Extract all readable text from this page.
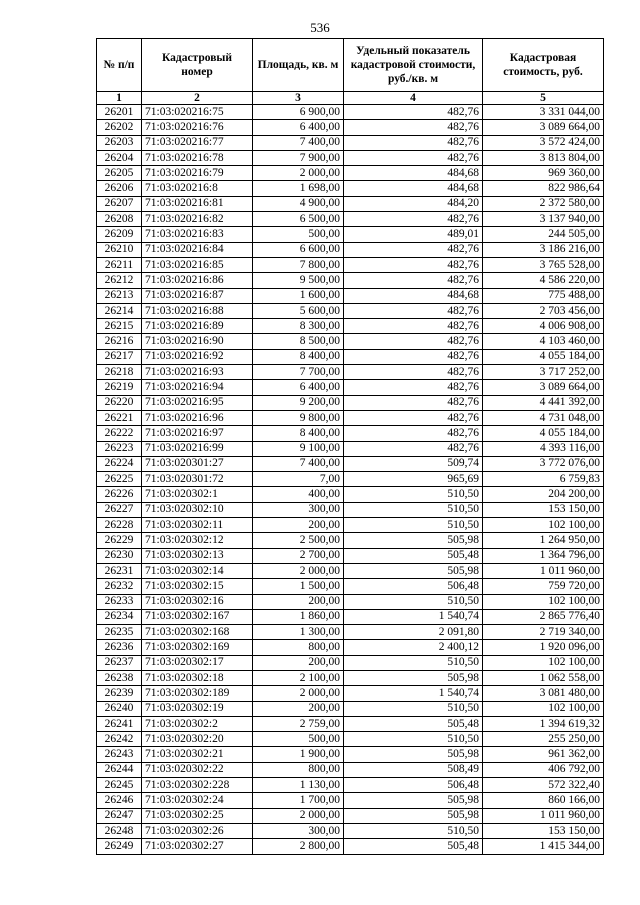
536
№ п/п	Кадастровый номер	Площадь, кв. м	Удельный показатель кадастровой стоимости, руб./кв. м	Кадастровая стоимость, руб.
1	2	3	4	5
26201	71:03:020216:75	6 900,00	482,76	3 331 044,00
26202	71:03:020216:76	6 400,00	482,76	3 089 664,00
26203	71:03:020216:77	7 400,00	482,76	3 572 424,00
26204	71:03:020216:78	7 900,00	482,76	3 813 804,00
26205	71:03:020216:79	2 000,00	484,68	969 360,00
26206	71:03:020216:8	1 698,00	484,68	822 986,64
26207	71:03:020216:81	4 900,00	484,20	2 372 580,00
26208	71:03:020216:82	6 500,00	482,76	3 137 940,00
26209	71:03:020216:83	500,00	489,01	244 505,00
26210	71:03:020216:84	6 600,00	482,76	3 186 216,00
26211	71:03:020216:85	7 800,00	482,76	3 765 528,00
26212	71:03:020216:86	9 500,00	482,76	4 586 220,00
26213	71:03:020216:87	1 600,00	484,68	775 488,00
26214	71:03:020216:88	5 600,00	482,76	2 703 456,00
26215	71:03:020216:89	8 300,00	482,76	4 006 908,00
26216	71:03:020216:90	8 500,00	482,76	4 103 460,00
26217	71:03:020216:92	8 400,00	482,76	4 055 184,00
26218	71:03:020216:93	7 700,00	482,76	3 717 252,00
26219	71:03:020216:94	6 400,00	482,76	3 089 664,00
26220	71:03:020216:95	9 200,00	482,76	4 441 392,00
26221	71:03:020216:96	9 800,00	482,76	4 731 048,00
26222	71:03:020216:97	8 400,00	482,76	4 055 184,00
26223	71:03:020216:99	9 100,00	482,76	4 393 116,00
26224	71:03:020301:27	7 400,00	509,74	3 772 076,00
26225	71:03:020301:72	7,00	965,69	6 759,83
26226	71:03:020302:1	400,00	510,50	204 200,00
26227	71:03:020302:10	300,00	510,50	153 150,00
26228	71:03:020302:11	200,00	510,50	102 100,00
26229	71:03:020302:12	2 500,00	505,98	1 264 950,00
26230	71:03:020302:13	2 700,00	505,48	1 364 796,00
26231	71:03:020302:14	2 000,00	505,98	1 011 960,00
26232	71:03:020302:15	1 500,00	506,48	759 720,00
26233	71:03:020302:16	200,00	510,50	102 100,00
26234	71:03:020302:167	1 860,00	1 540,74	2 865 776,40
26235	71:03:020302:168	1 300,00	2 091,80	2 719 340,00
26236	71:03:020302:169	800,00	2 400,12	1 920 096,00
26237	71:03:020302:17	200,00	510,50	102 100,00
26238	71:03:020302:18	2 100,00	505,98	1 062 558,00
26239	71:03:020302:189	2 000,00	1 540,74	3 081 480,00
26240	71:03:020302:19	200,00	510,50	102 100,00
26241	71:03:020302:2	2 759,00	505,48	1 394 619,32
26242	71:03:020302:20	500,00	510,50	255 250,00
26243	71:03:020302:21	1 900,00	505,98	961 362,00
26244	71:03:020302:22	800,00	508,49	406 792,00
26245	71:03:020302:228	1 130,00	506,48	572 322,40
26246	71:03:020302:24	1 700,00	505,98	860 166,00
26247	71:03:020302:25	2 000,00	505,98	1 011 960,00
26248	71:03:020302:26	300,00	510,50	153 150,00
26249	71:03:020302:27	2 800,00	505,48	1 415 344,00
